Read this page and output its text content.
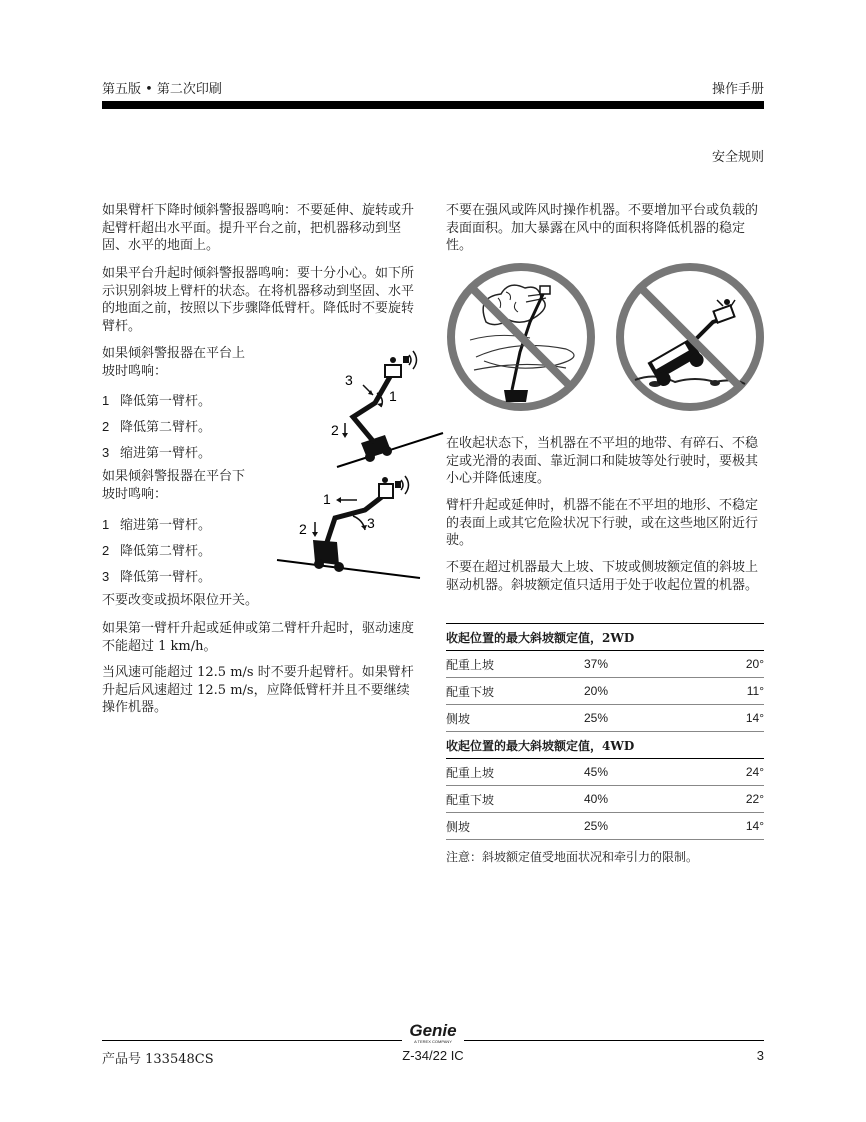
第五版 • 第二次印刷	操作手册
安全规则

如果臂杆下降时倾斜警报器鸣响：不要延伸、旋转或升起臂杆超出水平面。提升平台之前，把机器移动到坚固、水平的地面上。

如果平台升起时倾斜警报器鸣响：要十分小心。如下所示识别斜坡上臂杆的状态。在将机器移动到坚固、水平的地面之前，按照以下步骤降低臂杆。降低时不要旋转臂杆。

如果倾斜警报器在平台上坡时鸣响：

1 降低第一臂杆。
2 降低第二臂杆。
3 缩进第一臂杆。

如果倾斜警报器在平台下坡时鸣响：

1 缩进第一臂杆。
2 降低第二臂杆。
3 降低第一臂杆。

不要改变或损坏限位开关。

如果第一臂杆升起或延伸或第二臂杆升起时，驱动速度不能超过 1 km/h。

当风速可能超过 12.5 m/s 时不要升起臂杆。如果臂杆升起后风速超过 12.5 m/s，应降低臂杆并且不要继续操作机器。

3
1
2
1
2	3

不要在强风或阵风时操作机器。不要增加平台或负载的表面面积。加大暴露在风中的面积将降低机器的稳定性。

在收起状态下，当机器在不平坦的地带、有碎石、不稳定或光滑的表面、靠近洞口和陡坡等处行驶时，要极其小心并降低速度。

臂杆升起或延伸时，机器不能在不平坦的地形、不稳定的表面上或其它危险状况下行驶，或在这些地区附近行驶。

不要在超过机器最大上坡、下坡或侧坡额定值的斜坡上驱动机器。斜坡额定值只适用于处于收起位置的机器。

收起位置的最大斜坡额定值，2WD		
配重上坡	37%	20°
配重下坡	20%	11°
侧坡	25%	14°
收起位置的最大斜坡额定值，4WD		
配重上坡	45%	24°
配重下坡	40%	22°
侧坡	25%	14°
注意：斜坡额定值受地面状况和牵引力的限制。
Genie
A TEREX COMPANY
产品号 133548CS	Z-34/22 IC	3
